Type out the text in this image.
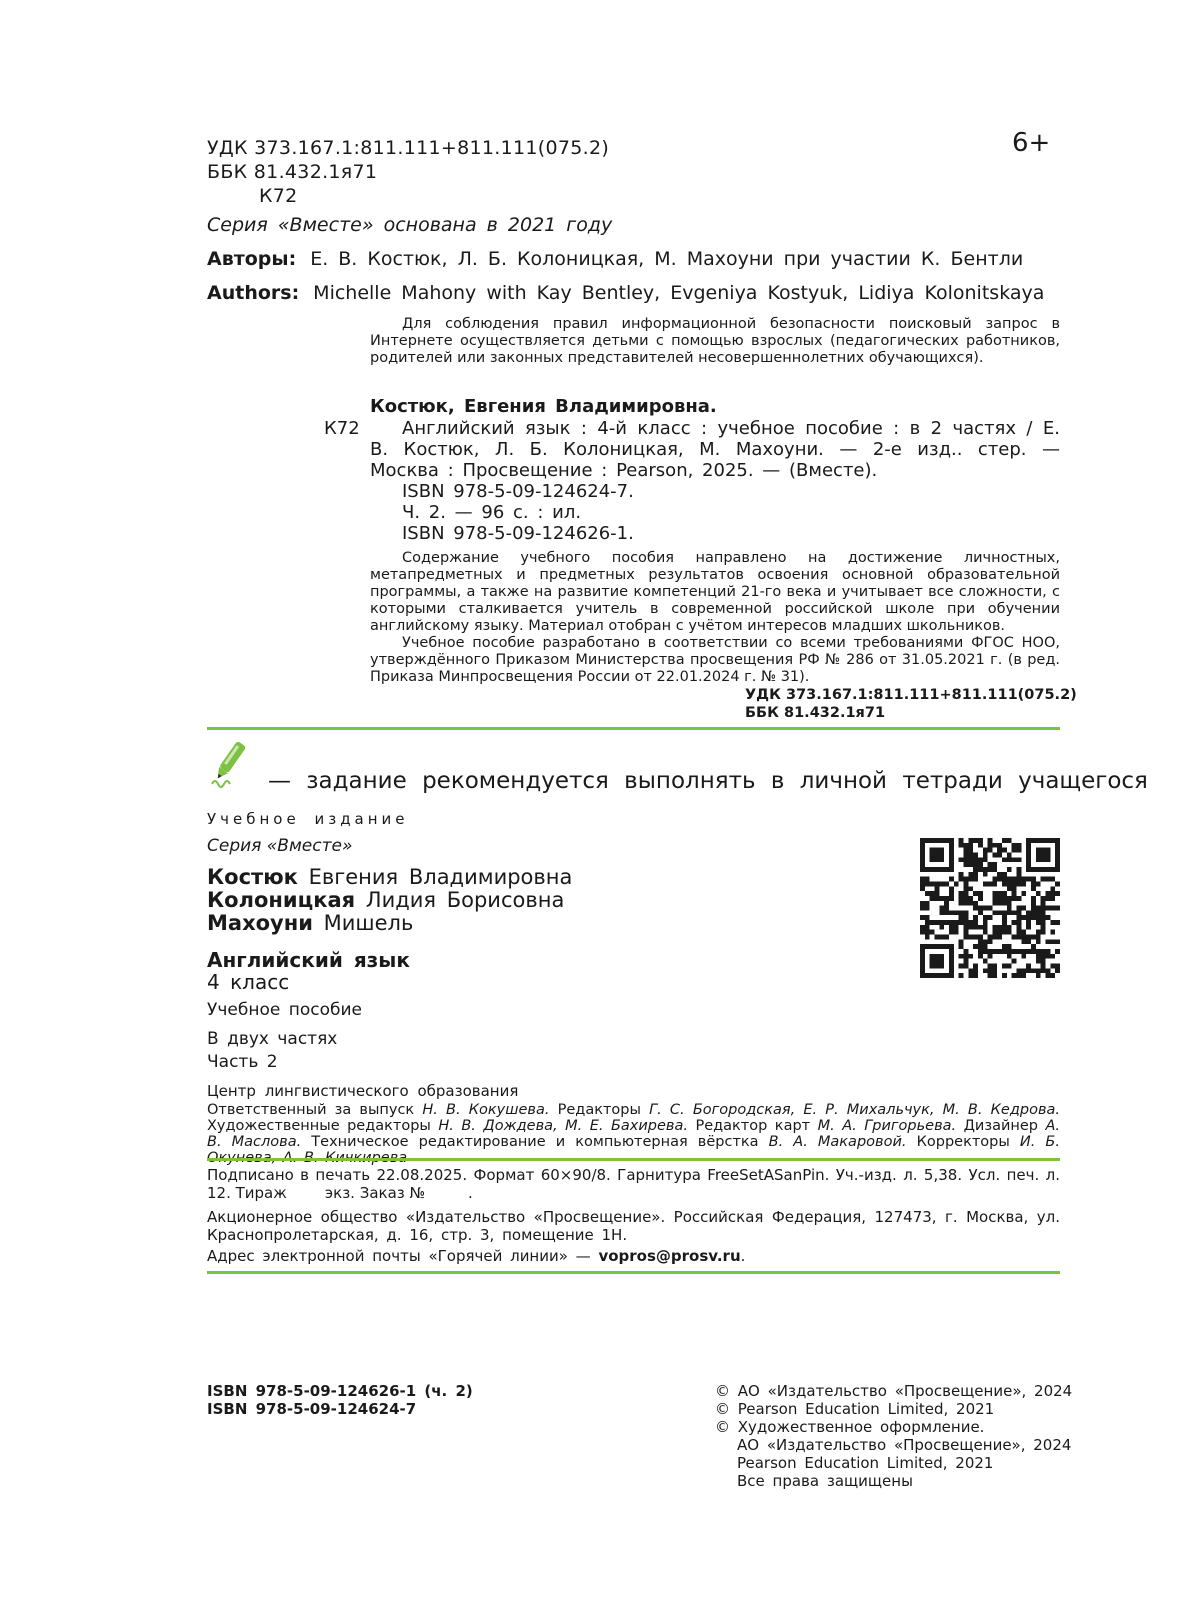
УДК 373.167.1:811.111+811.111(075.2)
ББК 81.432.1я71
К72
6+
Серия «Вместе» основана в 2021 году
Авторы: Е. В. Костюк, Л. Б. Колоницкая, М. Махоуни при участии К. Бентли
Authors: Michelle Mahony with Kay Bentley, Evgeniya Kostyuk, Lidiya Kolonitskaya
Для соблюдения правил информационной безопасности поисковый запрос в Интернете осуществляется детьми с помощью взрослых (педагогических работников, родителей или законных представителей несовершеннолетних обучающихся).
Костюк, Евгения Владимировна.
К72	Английский язык : 4-й класс : учебное пособие : в 2 частях / Е. В. Костюк, Л. Б. Колоницкая, М. Махоуни. — 2-е изд.. стер. — Москва : Просвещение : Pearson, 2025. — (Вместе).
ISBN 978-5-09-124624-7.
Ч. 2. — 96 с. : ил.
ISBN 978-5-09-124626-1.

Содержание учебного пособия направлено на достижение личностных, метапредметных и предметных результатов освоения основной образовательной программы, а также на развитие компетенций 21-го века и учитывает все сложности, с которыми сталкивается учитель в современной российской школе при обучении английскому языку. Материал отобран с учётом интересов младших школьников.

Учебное пособие разработано в соответствии со всеми требованиями ФГОС НОО, утверждённого Приказом Министерства просвещения РФ № 286 от 31.05.2021 г. (в ред. Приказа Минпросвещения России от 22.01.2024 г. № 31).

УДК 373.167.1:811.111+811.111(075.2)
ББК 81.432.1я71
— задание рекомендуется выполнять в личной тетради учащегося
Учебное издание
Серия «Вместе»
Костюк Евгения Владимировна
Колоницкая Лидия Борисовна
Махоуни Мишель
Английский язык
4 класс
Учебное пособие
В двух частях
Часть 2
Центр лингвистического образования
Ответственный за выпуск Н. В. Кокушева. Редакторы Г. С. Богородская, Е. Р. Михальчук, М. В. Кедрова. Художественные редакторы Н. В. Дождева, М. Е. Бахирева. Редактор карт М. А. Григорьева. Дизайнер А. В. Маслова. Техническое редактирование и компьютерная вёрстка В. А. Макаровой. Корректоры И. Б.
Подписано в печать 22.08.2025. Формат 60×90/8. Гарнитура FreeSetASanPin. Уч.-изд. л. 5,38. Усл. печ. л. 12. Тираж        экз. Заказ №         .
Акционерное общество «Издательство «Просвещение». Российская Федерация, 127473, г. Москва, ул. Краснопролетарская, д. 16, стр. 3, помещение 1Н.
Адрес электронной почты «Горячей линии» — vopros@prosv.ru.
ISBN 978-5-09-124626-1 (ч. 2)
ISBN 978-5-09-124624-7
© АО «Издательство «Просвещение», 2024
© Pearson Education Limited, 2021
© Художественное оформление.
АО «Издательство «Просвещение», 2024
Pearson Education Limited, 2021
Все права защищены
